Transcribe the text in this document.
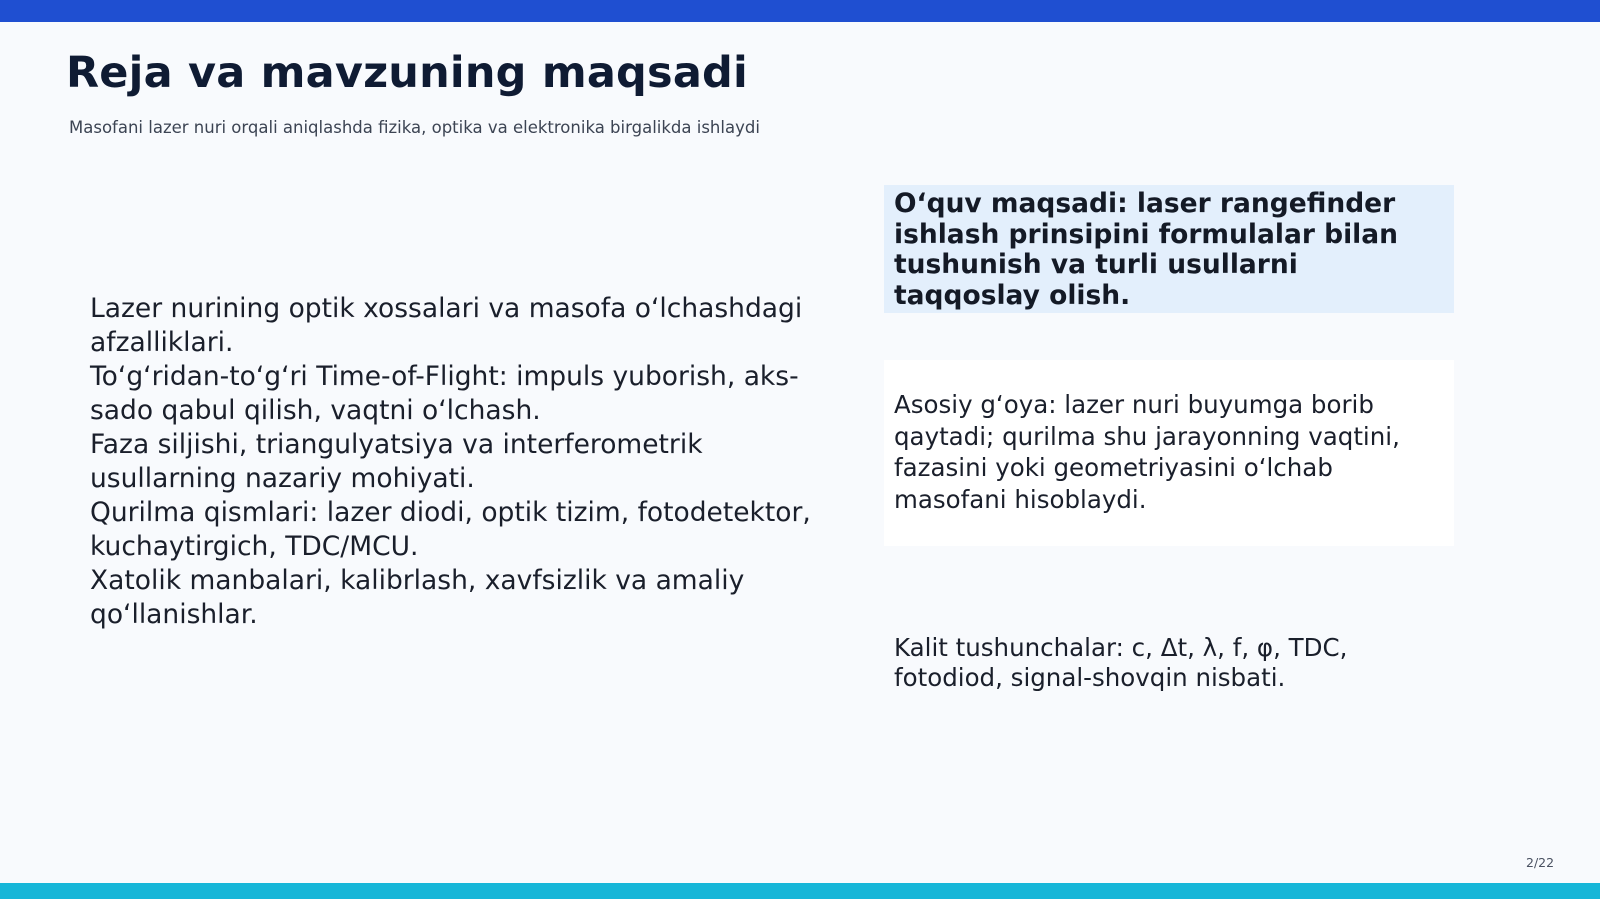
Reja va mavzuning maqsadi
Masofani lazer nuri orqali aniqlashda fizika, optika va elektronika birgalikda ishlaydi
Lazer nurining optik xossalari va masofa o‘lchashdagi afzalliklari.
To‘g‘ridan-to‘g‘ri Time-of-Flight: impuls yuborish, aks-sado qabul qilish, vaqtni o‘lchash.
Faza siljishi, triangulyatsiya va interferometrik usullarning nazariy mohiyati.
Qurilma qismlari: lazer diodi, optik tizim, fotodetektor, kuchaytirgich, TDC/MCU.
Xatolik manbalari, kalibrlash, xavfsizlik va amaliy qo‘llanishlar.
O‘quv maqsadi: laser rangefinder ishlash prinsipini formulalar bilan tushunish va turli usullarni taqqoslay olish.
Asosiy g‘oya: lazer nuri buyumga borib qaytadi; qurilma shu jarayonning vaqtini, fazasini yoki geometriyasini o‘lchab masofani hisoblaydi.
Kalit tushunchalar: c, Δt, λ, f, φ, TDC, fotodiod, signal-shovqin nisbati.
2/22
